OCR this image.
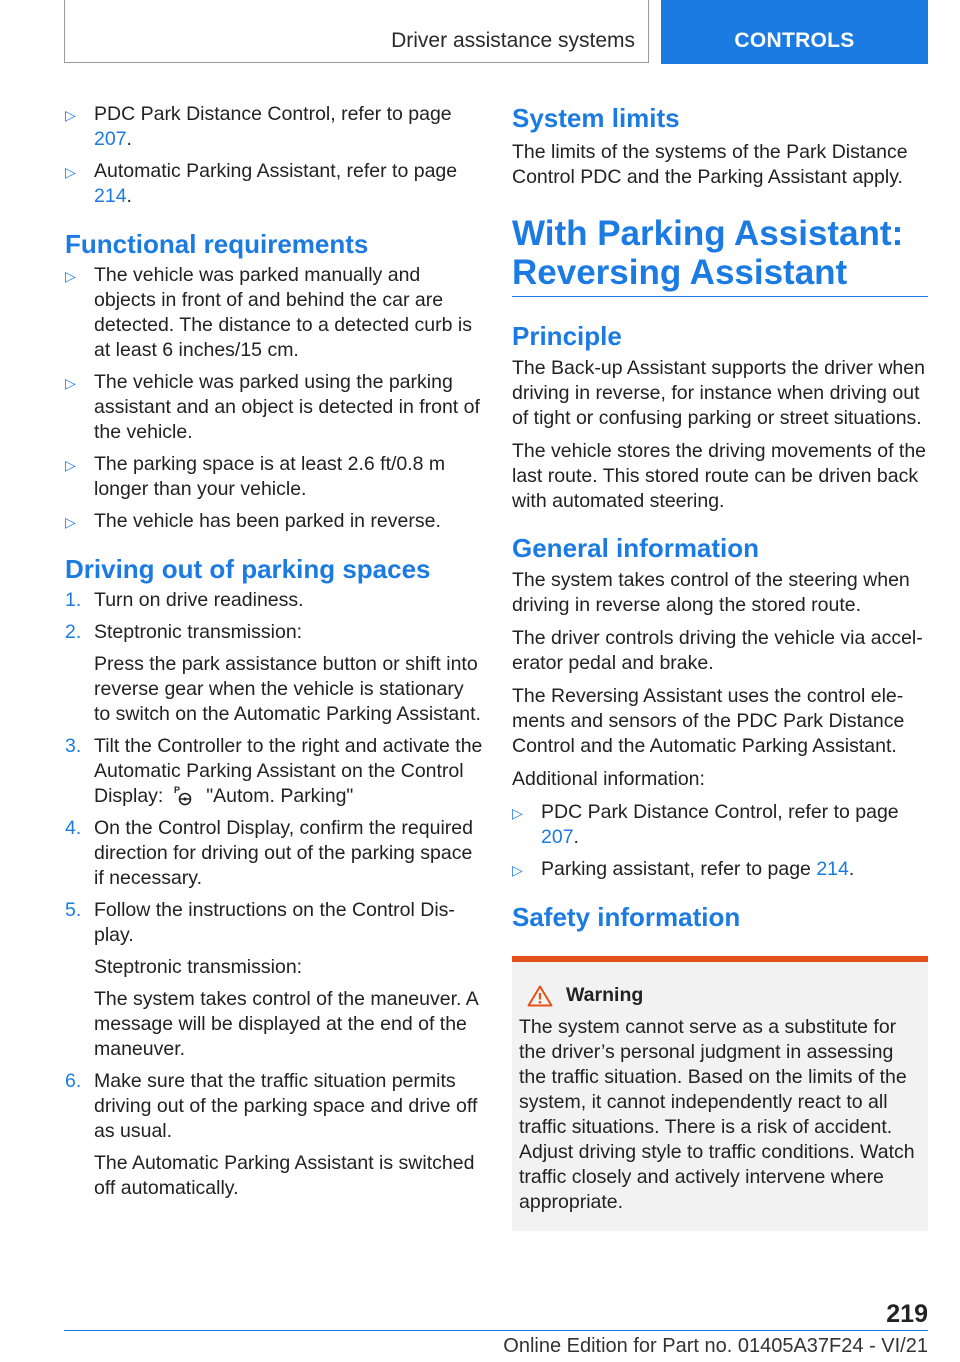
Driver assistance systems	CONTROLS
▷ PDC Park Distance Control, refer to page 207.
▷ Automatic Parking Assistant, refer to page 214.
Functional requirements
▷ The vehicle was parked manually and objects in front of and behind the car are detected. The distance to a detected curb is at least 6 inches/15 cm.
▷ The vehicle was parked using the parking assistant and an object is detected in front of the vehicle.
▷ The parking space is at least 2.6 ft/0.8 m longer than your vehicle.
▷ The vehicle has been parked in reverse.
Driving out of parking spaces
1. Turn on drive readiness.
2. Steptronic transmission:
Press the park assistance button or shift into reverse gear when the vehicle is stationary to switch on the Automatic Parking Assistant.
3. Tilt the Controller to the right and activate the Automatic Parking Assistant on the Control Display: P "Autom. Parking"
4. On the Control Display, confirm the required direction for driving out of the parking space if necessary.
5. Follow the instructions on the Control Display.
Steptronic transmission:
The system takes control of the maneuver. A message will be displayed at the end of the maneuver.
6. Make sure that the traffic situation permits driving out of the parking space and drive off as usual.
The Automatic Parking Assistant is switched off automatically.
System limits

The limits of the systems of the Park Distance Control PDC and the Parking Assistant apply.

With Parking Assistant: Reversing Assistant
Principle

The Back-up Assistant supports the driver when driving in reverse, for instance when driving out of tight or confusing parking or street situations.

The vehicle stores the driving movements of the last route. This stored route can be driven back with automated steering.

General information

The system takes control of the steering when driving in reverse along the stored route.

The driver controls driving the vehicle via accelerator pedal and brake.

The Reversing Assistant uses the control elements and sensors of the PDC Park Distance Control and the Automatic Parking Assistant.

Additional information:

▷ PDC Park Distance Control, refer to page 207.
▷ Parking assistant, refer to page 214.
Safety information
Warning

The system cannot serve as a substitute for the driver’s personal judgment in assessing the traffic situation. Based on the limits of the system, it cannot independently react to all traffic situations. There is a risk of accident. Adjust driving style to traffic conditions. Watch traffic closely and actively intervene where appropriate.

219
Online Edition for Part no. 01405A37F24 - VI/21
